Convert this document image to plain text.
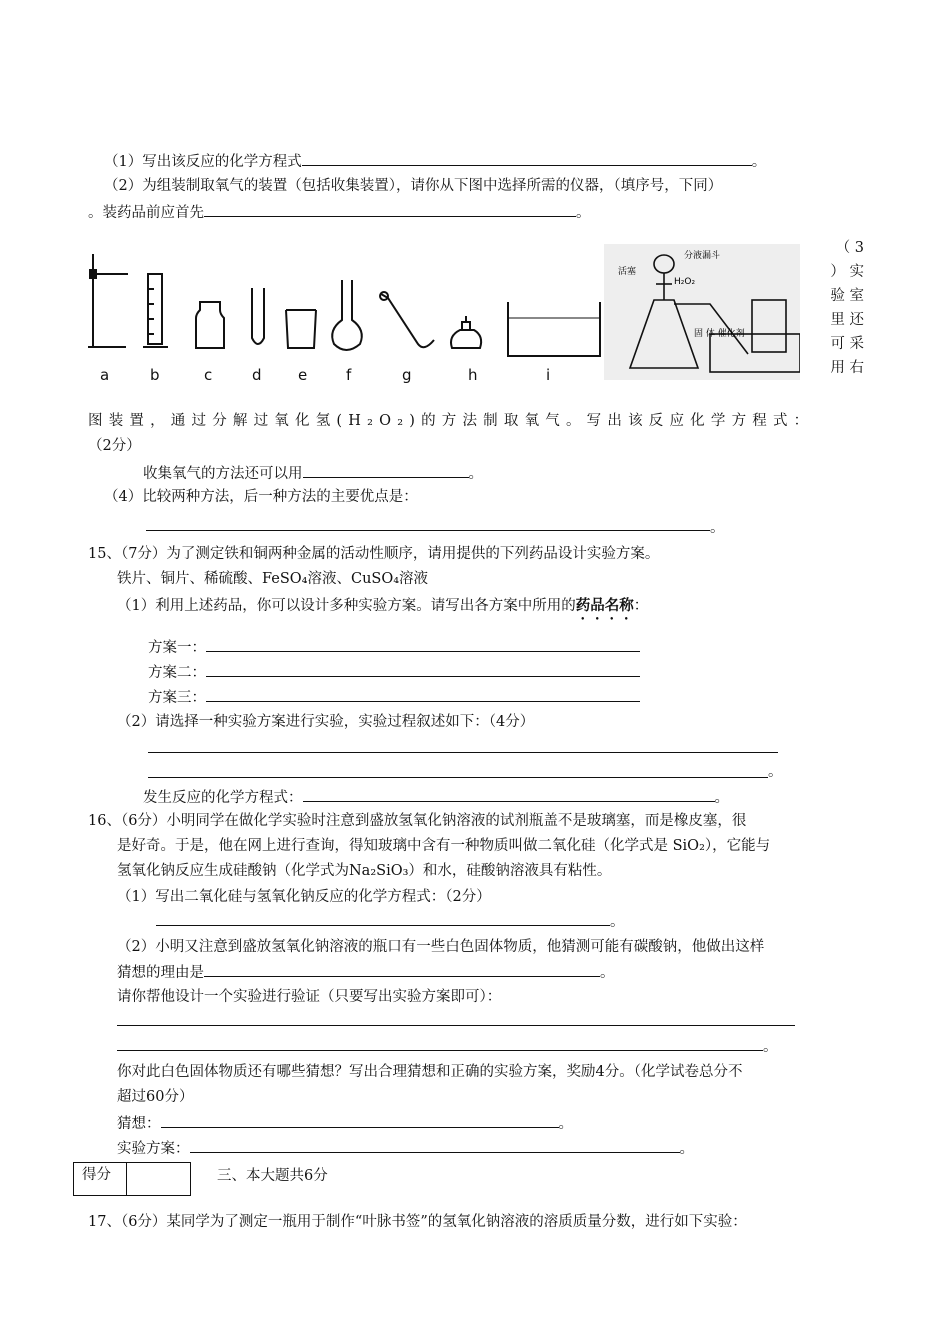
（1）写出该反应的化学方程式	。
（2）为组装制取氧气的装置（包括收集装置），请你从下图中选择所需的仪器，（填序号，下同）
。装药品前应首先	。
分液漏斗
活塞
H₂O₂
固 体 催化剂
a	b	c	d e	f	g	h	i
（ 3
） 实
验 室
里 还
可 采
用 右
图装置，通过分解过氧化氢(H₂O₂)的方法制取氧气。写出该反应化学方程式：
（2分）
收集氧气的方法还可以用	。
（4）比较两种方法，后一种方法的主要优点是：
。
15、（7分）为了测定铁和铜两种金属的活动性顺序，请用提供的下列药品设计实验方案。
铁片、铜片、稀硫酸、FeSO₄溶液、CuSO₄溶液
（1）利用上述药品，你可以设计多种实验方案。请写出各方案中所用的药品名称：
方案一：
方案二：
方案三：
（2）请选择一种实验方案进行实验，实验过程叙述如下：（4分）
。
发生反应的化学方程式：	。
16、（6分）小明同学在做化学实验时注意到盛放氢氧化钠溶液的试剂瓶盖不是玻璃塞，而是橡皮塞，很
是好奇。于是，他在网上进行查询，得知玻璃中含有一种物质叫做二氧化硅（化学式是 SiO₂），它能与
氢氧化钠反应生成硅酸钠（化学式为Na₂SiO₃）和水，硅酸钠溶液具有粘性。
（1）写出二氧化硅与氢氧化钠反应的化学方程式：（2分）
。
（2）小明又注意到盛放氢氧化钠溶液的瓶口有一些白色固体物质，他猜测可能有碳酸钠，他做出这样
猜想的理由是	。
请你帮他设计一个实验进行验证（只要写出实验方案即可）：
。
你对此白色固体物质还有哪些猜想？写出合理猜想和正确的实验方案，奖励4分。（化学试卷总分不
超过60分）
猜想：	。
实验方案：	。
得分	三、本大题共6分
17、（6分）某同学为了测定一瓶用于制作“叶脉书签”的氢氧化钠溶液的溶质质量分数，进行如下实验：
